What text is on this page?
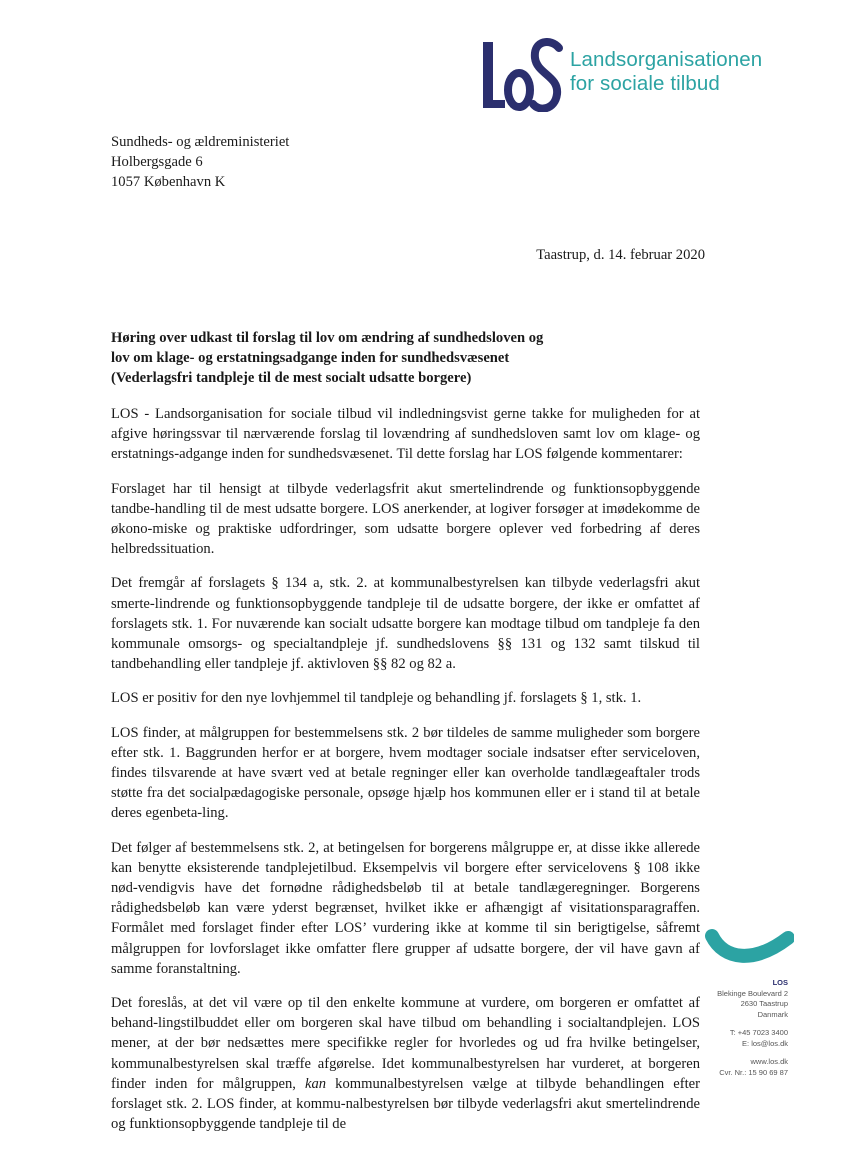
Landsorganisationen
for sociale tilbud
Sundheds- og ældreministeriet
Holbergsgade 6
1057 København K
Taastrup, d. 14. februar 2020
Høring over udkast til forslag til lov om ændring af sundhedsloven og
lov om klage- og erstatningsadgange inden for sundhedsvæsenet
(Vederlagsfri tandpleje til de mest socialt udsatte borgere)

LOS - Landsorganisation for sociale tilbud vil indledningsvist gerne takke for muligheden for at afgive høringssvar til nærværende forslag til lovændring af sundhedsloven samt lov om klage- og erstatnings-adgange inden for sundhedsvæsenet. Til dette forslag har LOS følgende kommentarer:

Forslaget har til hensigt at tilbyde vederlagsfrit akut smertelindrende og funktionsopbyggende tandbe-handling til de mest udsatte borgere. LOS anerkender, at logiver forsøger at imødekomme de økono-miske og praktiske udfordringer, som udsatte borgere oplever ved forbedring af deres helbredssituation.

Det fremgår af forslagets § 134 a, stk. 2. at kommunalbestyrelsen kan tilbyde vederlagsfri akut smerte-lindrende og funktionsopbyggende tandpleje til de udsatte borgere, der ikke er omfattet af forslagets stk. 1. For nuværende kan socialt udsatte borgere kan modtage tilbud om tandpleje fa den kommunale omsorgs- og specialtandpleje jf. sundhedslovens §§ 131 og 132 samt tilskud til tandbehandling eller tandpleje jf. aktivloven §§ 82 og 82 a.

LOS er positiv for den nye lovhjemmel til tandpleje og behandling jf. forslagets § 1, stk. 1.

LOS finder, at målgruppen for bestemmelsens stk. 2 bør tildeles de samme muligheder som borgere efter stk. 1. Baggrunden herfor er at borgere, hvem modtager sociale indsatser efter serviceloven, findes tilsvarende at have svært ved at betale regninger eller kan overholde tandlægeaftaler trods støtte fra det socialpædagogiske personale, opsøge hjælp hos kommunen eller er i stand til at betale deres egenbeta-ling.

Det følger af bestemmelsens stk. 2, at betingelsen for borgerens målgruppe er, at disse ikke allerede kan benytte eksisterende tandplejetilbud. Eksempelvis vil borgere efter servicelovens § 108 ikke nød-vendigvis have det fornødne rådighedsbeløb til at betale tandlægeregninger. Borgerens rådighedsbeløb kan være yderst begrænset, hvilket ikke er afhængigt af visitationsparagraffen. Formålet med forslaget finder efter LOS’ vurdering ikke at komme til sin berigtigelse, såfremt målgruppen for lovforslaget ikke omfatter flere grupper af udsatte borgere, der vil have gavn af samme foranstaltning.

Det foreslås, at det vil være op til den enkelte kommune at vurdere, om borgeren er omfattet af behand-lingstilbuddet eller om borgeren skal have tilbud om behandling i socialtandplejen. LOS mener, at der bør nedsættes mere specifikke regler for hvorledes og ud fra hvilke betingelser, kommunalbestyrelsen skal træffe afgørelse. Idet kommunalbestyrelsen har vurderet, at borgeren finder inden for målgruppen, kan kommunalbestyrelsen vælge at tilbyde behandlingen efter forslaget stk. 2. LOS finder, at kommu-nalbestyrelsen bør tilbyde vederlagsfri akut smertelindrende og funktionsopbyggende tandpleje til de

LOS
Blekinge Boulevard 2
2630 Taastrup
Danmark
T: +45 7023 3400
E: los@los.dk
www.los.dk
Cvr. Nr.: 15 90 69 87
